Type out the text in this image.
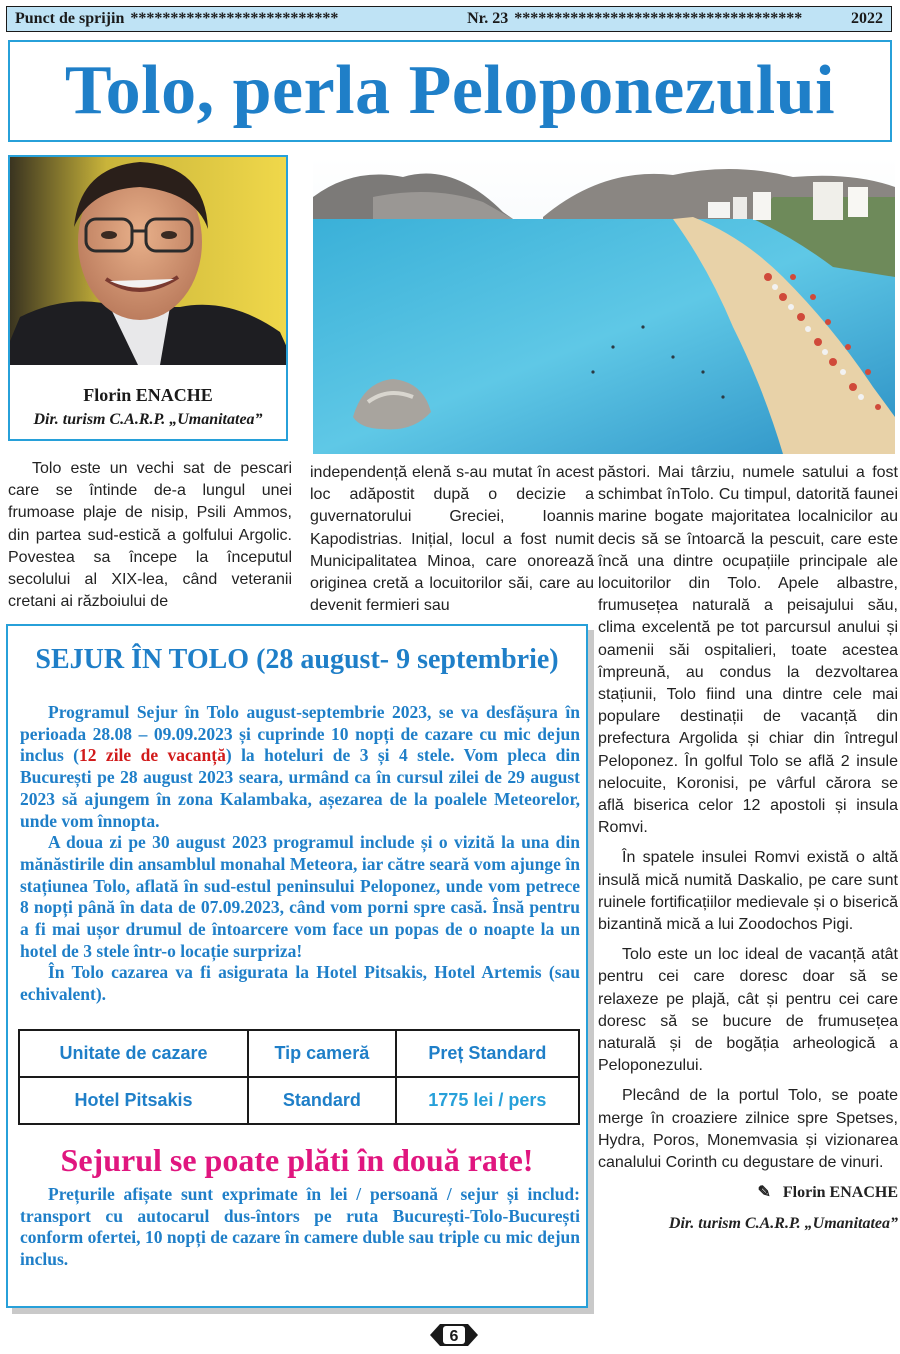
Punct de sprijin **************************	Nr. 23 ************************************	2022
Tolo, perla Peloponezului
Florin ENACHE
Dir. turism C.A.R.P. „Umanitatea”

Tolo este un vechi sat de pescari care se întinde de-a lungul unei frumoase plaje de nisip, Psili Ammos, din partea sud-estică a golfului Argolic. Povestea sa începe la începutul secolului al XIX-lea, când veteranii cretani ai războiului de

independență elenă s-au mutat în acest loc adăpostit după o decizie a guvernatorului Greciei, Ioannis Kapodistrias. Inițial, locul a fost numit Municipalitatea Minoa, care onorează originea cretă a locuitorilor săi, care au devenit fermieri sau

păstori. Mai târziu, numele satului a fost schimbat înTolo. Cu timpul, datorită faunei marine bogate majoritatea localnicilor au decis să se întoarcă la pescuit, care este încă una dintre ocupațiile principale ale locuitorilor din Tolo. Apele albastre, frumusețea naturală a peisajului său, clima excelentă pe tot parcursul anului și oamenii săi ospitalieri, toate acestea împreună, au condus la dezvoltarea stațiunii, Tolo fiind una dintre cele mai populare destinații de vacanță din prefectura Argolida și chiar din întregul Peloponez. În golful Tolo se află 2 insule nelocuite, Koronisi, pe vârful cărora se află biserica celor 12 apostoli și insula Romvi.

În spatele insulei Romvi există o altă insulă mică numită Daskalio, pe care sunt ruinele fortificațiilor medievale și o biserică bizantină mică a lui Zoodochos Pigi.

Tolo este un loc ideal de vacanță atât pentru cei care doresc doar să se relaxeze pe plajă, cât și pentru cei care doresc să se bucure de frumusețea naturală și de bogăția arheologică a Peloponezului.

Plecând de la portul Tolo, se poate merge în croaziere zilnice spre Spetses, Hydra, Poros, Monemvasia și vizionarea canalului Corinth cu degustare de vinuri.

✎   Florin ENACHE

Dir. turism C.A.R.P. „Umanitatea”

SEJUR ÎN TOLO (28 august- 9 septembrie)

Programul Sejur în Tolo august-septembrie 2023, se va desfășura în perioada 28.08 – 09.09.2023 și cuprinde 10 nopți de cazare cu mic dejun inclus (12 zile de vacanță) la hoteluri de 3 și 4 stele. Vom pleca din București pe 28 august 2023 seara, urmând ca în cursul zilei de 29 august 2023 să ajungem în zona Kalambaka, așezarea de la poalele Meteorelor, unde vom înnopta.

A doua zi pe 30 august 2023 programul include și o vizită la una din mănăstirile din ansamblul monahal Meteora, iar către seară vom ajunge în stațiunea Tolo, aflată în sud-estul peninsului Peloponez, unde vom petrece 8 nopți până în data de 07.09.2023, când vom porni spre casă. Însă pentru a fi mai ușor drumul de întoarcere vom face un popas de o noapte la un hotel de 3 stele într-o locație surpriza!

În Tolo cazarea va fi asigurata la Hotel Pitsakis, Hotel Artemis (sau echivalent).

Unitate de cazare	Tip cameră	Preț Standard
Hotel Pitsakis	Standard	1775 lei / pers
Sejurul se poate plăti în două rate!

Prețurile afișate sunt exprimate în lei / persoană / sejur și includ: transport cu autocarul dus-întors pe ruta București-Tolo-București conform ofertei, 10 nopți de cazare în camere duble sau triple cu mic dejun inclus.

6
